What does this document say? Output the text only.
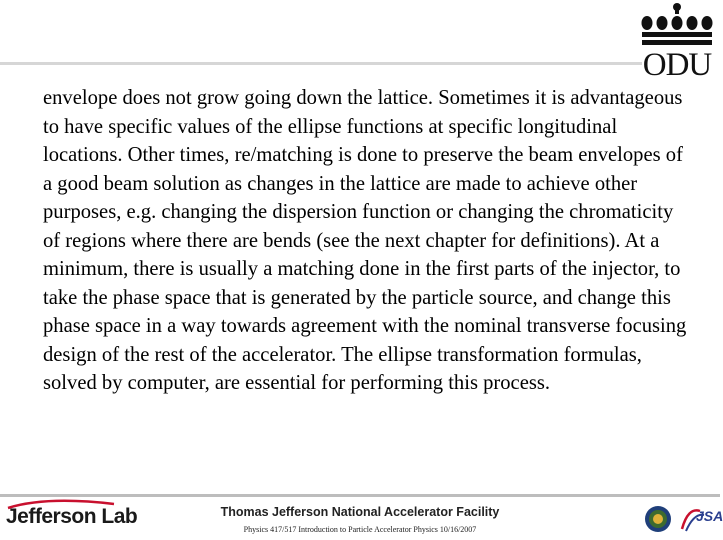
ODU

envelope does not grow going down the lattice. Sometimes it is advantageous to have specific values of the ellipse functions at specific longitudinal locations. Other times, re/matching is done to preserve the beam envelopes of a good beam solution as changes in the lattice are made to achieve other purposes, e.g. changing the dispersion function or changing the chromaticity of regions where there are bends (see the next chapter for definitions). At a minimum, there is usually a matching done in the first parts of the injector, to take the phase space that is generated by the particle source, and change this phase space in a way towards agreement with the nominal transverse focusing design of the rest of the accelerator. The ellipse transformation formulas, solved by computer, are essential for performing this process.

Jefferson Lab	Thomas Jefferson National Accelerator Facility
Physics 417/517 Introduction to Particle Accelerator Physics 10/16/2007
JSA
